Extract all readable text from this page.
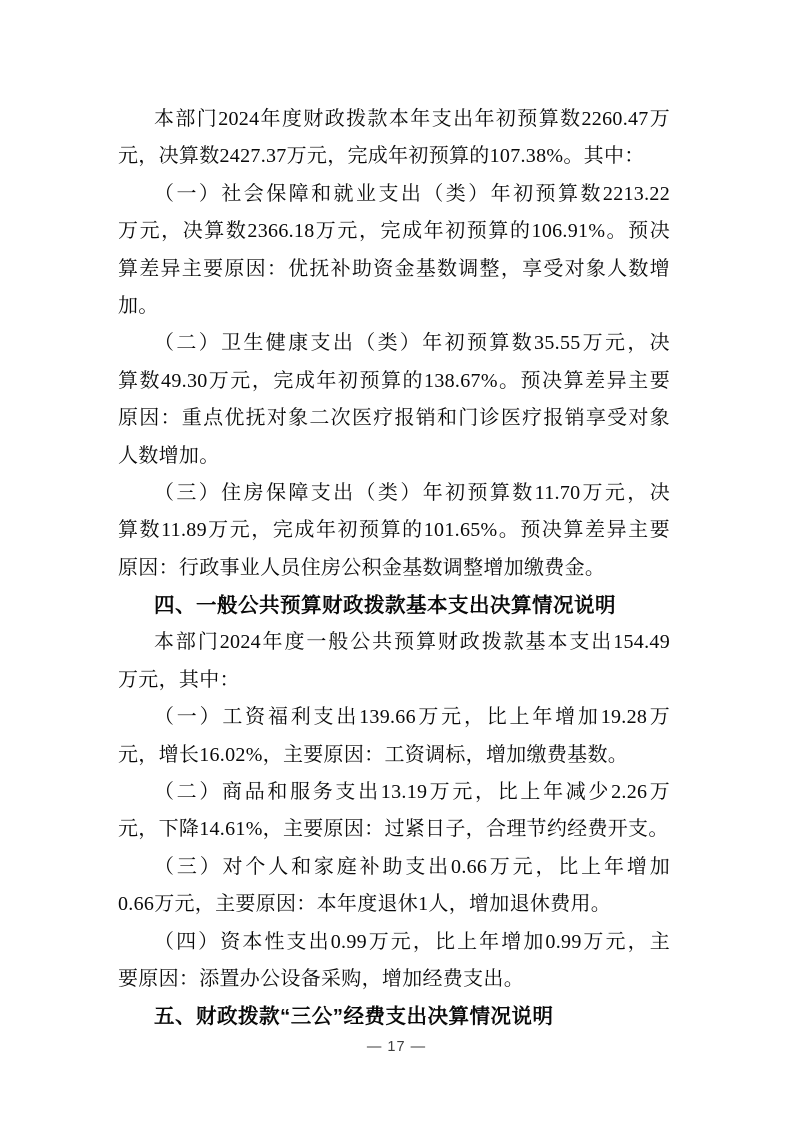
本部门2024年度财政拨款本年支出年初预算数2260.47万
元，决算数2427.37万元，完成年初预算的107.38%。其中：
（一）社会保障和就业支出（类）年初预算数2213.22
万元，决算数2366.18万元，完成年初预算的106.91%。预决
算差异主要原因：优抚补助资金基数调整，享受对象人数增
加。
（二）卫生健康支出（类）年初预算数35.55万元，决
算数49.30万元，完成年初预算的138.67%。预决算差异主要
原因：重点优抚对象二次医疗报销和门诊医疗报销享受对象
人数增加。
（三）住房保障支出（类）年初预算数11.70万元，决
算数11.89万元，完成年初预算的101.65%。预决算差异主要
原因：行政事业人员住房公积金基数调整增加缴费金。
四、一般公共预算财政拨款基本支出决算情况说明
本部门2024年度一般公共预算财政拨款基本支出154.49
万元，其中：
（一）工资福利支出139.66万元，比上年增加19.28万
元，增长16.02%，主要原因：工资调标，增加缴费基数。
（二）商品和服务支出13.19万元，比上年减少2.26万
元，下降14.61%，主要原因：过紧日子，合理节约经费开支。
（三）对个人和家庭补助支出0.66万元，比上年增加
0.66万元，主要原因：本年度退休1人，增加退休费用。
（四）资本性支出0.99万元，比上年增加0.99万元，主
要原因：添置办公设备采购，增加经费支出。
五、财政拨款“三公”经费支出决算情况说明
— 17 —
